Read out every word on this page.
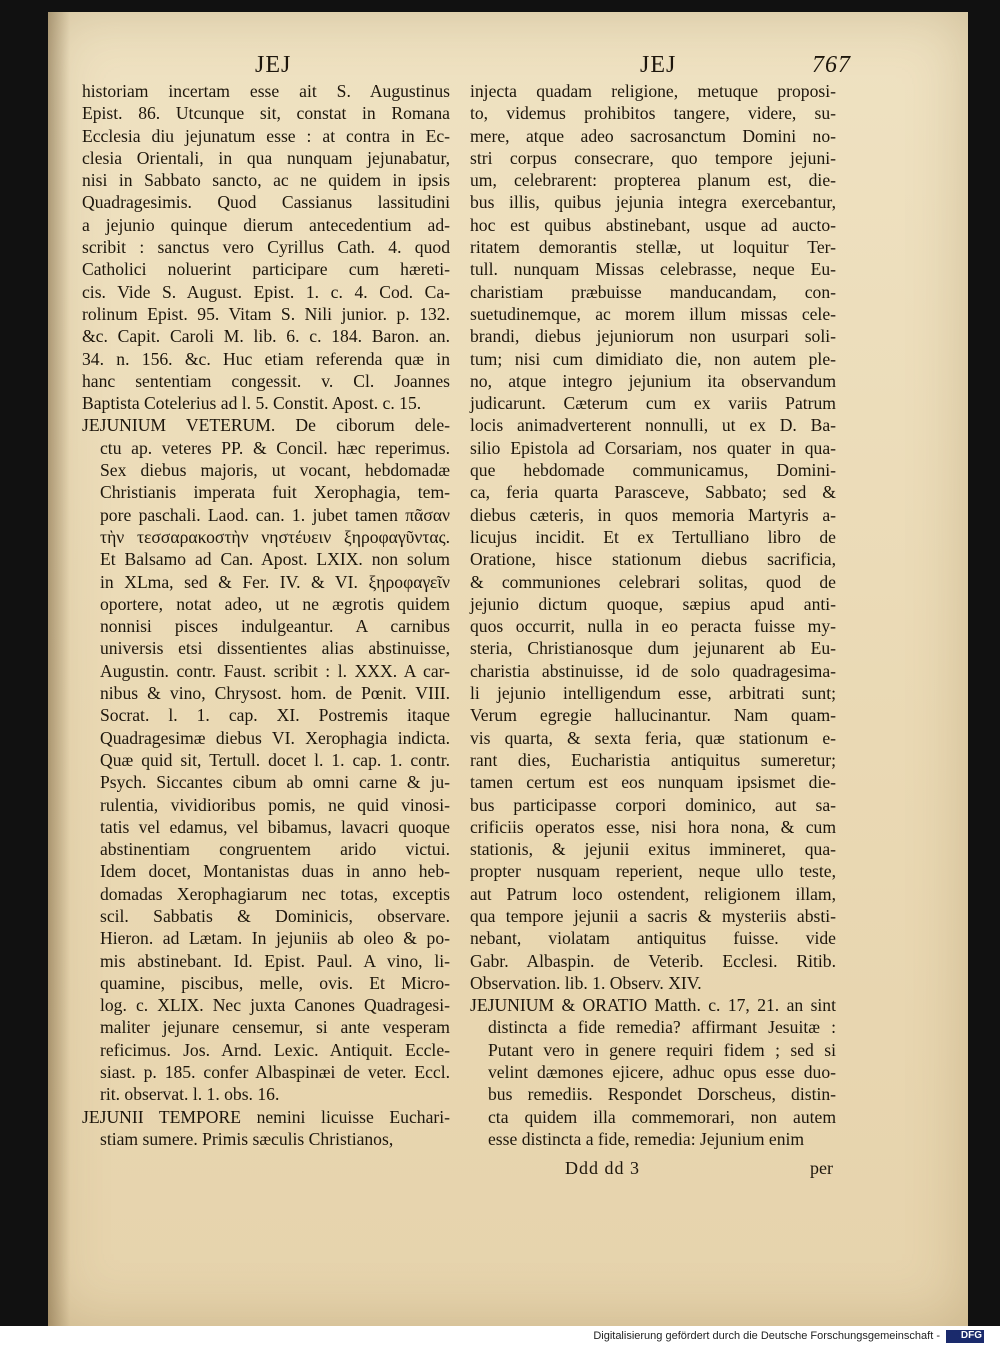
JEJ	JEJ	767
historiam incertam esse ait S. Augustinus
Epist. 86. Utcunque sit, constat in Romana
Ecclesia diu jejunatum esse : at contra in Ec-
clesia Orientali, in qua nunquam jejunabatur,
nisi in Sabbato sancto, ac ne quidem in ipsis
Quadragesimis. Quod Cassianus lassitudini
a jejunio quinque dierum antecedentium ad-
scribit : sanctus vero Cyrillus Cath. 4. quod
Catholici noluerint participare cum hæreti-
cis. Vide S. August. Epist. 1. c. 4. Cod. Ca-
rolinum Epist. 95. Vitam S. Nili junior. p. 132.
&c. Capit. Caroli M. lib. 6. c. 184. Baron. an.
34. n. 156. &c. Huc etiam referenda quæ in
hanc sententiam congessit. v. Cl. Joannes
Baptista Cotelerius ad l. 5. Constit. Apost. c. 15.
JEJUNIUM VETERUM. De ciborum dele-
ctu ap. veteres PP. & Concil. hæc reperimus.
Sex diebus majoris, ut vocant, hebdomadæ
Christianis imperata fuit Xerophagia, tem-
pore paschali. Laod. can. 1. jubet tamen πᾶσαν
τὴν τεσσαρακοστὴν νηστέυειν ξηροφαγῦντας.
Et Balsamo ad Can. Apost. LXIX. non solum
in XLma, sed & Fer. IV. & VI. ξηροφαγεῖν
oportere, notat adeo, ut ne ægrotis quidem
nonnisi pisces indulgeantur. A carnibus
universis etsi dissentientes alias abstinuisse,
Augustin. contr. Faust. scribit : l. XXX. A car-
nibus & vino, Chrysost. hom. de Pœnit. VIII.
Socrat. l. 1. cap. XI. Postremis itaque
Quadragesimæ diebus VI. Xerophagia indicta.
Quæ quid sit, Tertull. docet l. 1. cap. 1. contr.
Psych. Siccantes cibum ab omni carne & ju-
rulentia, vividioribus pomis, ne quid vinosi-
tatis vel edamus, vel bibamus, lavacri quoque
abstinentiam congruentem arido victui.
Idem docet, Montanistas duas in anno heb-
domadas Xerophagiarum nec totas, exceptis
scil. Sabbatis & Dominicis, observare.
Hieron. ad Lætam. In jejuniis ab oleo & po-
mis abstinebant. Id. Epist. Paul. A vino, li-
quamine, piscibus, melle, ovis. Et Micro-
log. c. XLIX. Nec juxta Canones Quadragesi-
maliter jejunare censemur, si ante vesperam
reficimus. Jos. Arnd. Lexic. Antiquit. Eccle-
siast. p. 185. confer Albaspinæi de veter. Eccl.
rit. observat. l. 1. obs. 16.
JEJUNII TEMPORE nemini licuisse Euchari-
stiam sumere. Primis sæculis Christianos,
injecta quadam religione, metuque proposi-
to, videmus prohibitos tangere, videre, su-
mere, atque adeo sacrosanctum Domini no-
stri corpus consecrare, quo tempore jejuni-
um, celebrarent: propterea planum est, die-
bus illis, quibus jejunia integra exercebantur,
hoc est quibus abstinebant, usque ad aucto-
ritatem demorantis stellæ, ut loquitur Ter-
tull. nunquam Missas celebrasse, neque Eu-
charistiam præbuisse manducandam, con-
suetudinemque, ac morem illum missas cele-
brandi, diebus jejuniorum non usurpari soli-
tum; nisi cum dimidiato die, non autem ple-
no, atque integro jejunium ita observandum
judicarunt. Cæterum cum ex variis Patrum
locis animadverterent nonnulli, ut ex D. Ba-
silio Epistola ad Corsariam, nos quater in qua-
que hebdomade communicamus, Domini-
ca, feria quarta Parasceve, Sabbato; sed &
diebus cæteris, in quos memoria Martyris a-
licujus incidit. Et ex Tertulliano libro de
Oratione, hisce stationum diebus sacrificia,
& communiones celebrari solitas, quod de
jejunio dictum quoque, sæpius apud anti-
quos occurrit, nulla in eo peracta fuisse my-
steria, Christianosque dum jejunarent ab Eu-
charistia abstinuisse, id de solo quadragesima-
li jejunio intelligendum esse, arbitrati sunt;
Verum egregie hallucinantur. Nam quam-
vis quarta, & sexta feria, quæ stationum e-
rant dies, Eucharistia antiquitus sumeretur;
tamen certum est eos nunquam ipsismet die-
bus participasse corpori dominico, aut sa-
crificiis operatos esse, nisi hora nona, & cum
stationis, & jejunii exitus immineret, qua-
propter nusquam reperient, neque ullo teste,
aut Patrum loco ostendent, religionem illam,
qua tempore jejunii a sacris & mysteriis absti-
nebant, violatam antiquitus fuisse. vide
Gabr. Albaspin. de Veterib. Ecclesi. Ritib.
Observation. lib. 1. Observ. XIV.
JEJUNIUM & ORATIO Matth. c. 17, 21. an sint
distincta a fide remedia? affirmant Jesuitæ :
Putant vero in genere requiri fidem ; sed si
velint dæmones ejicere, adhuc opus esse duo-
bus remediis. Respondet Dorscheus, distin-
cta quidem illa commemorari, non autem
esse distincta a fide, remedia: Jejunium enim
Ddd dd 3	per
Digitalisierung gefördert durch die Deutsche Forschungsgemeinschaft - DFG
